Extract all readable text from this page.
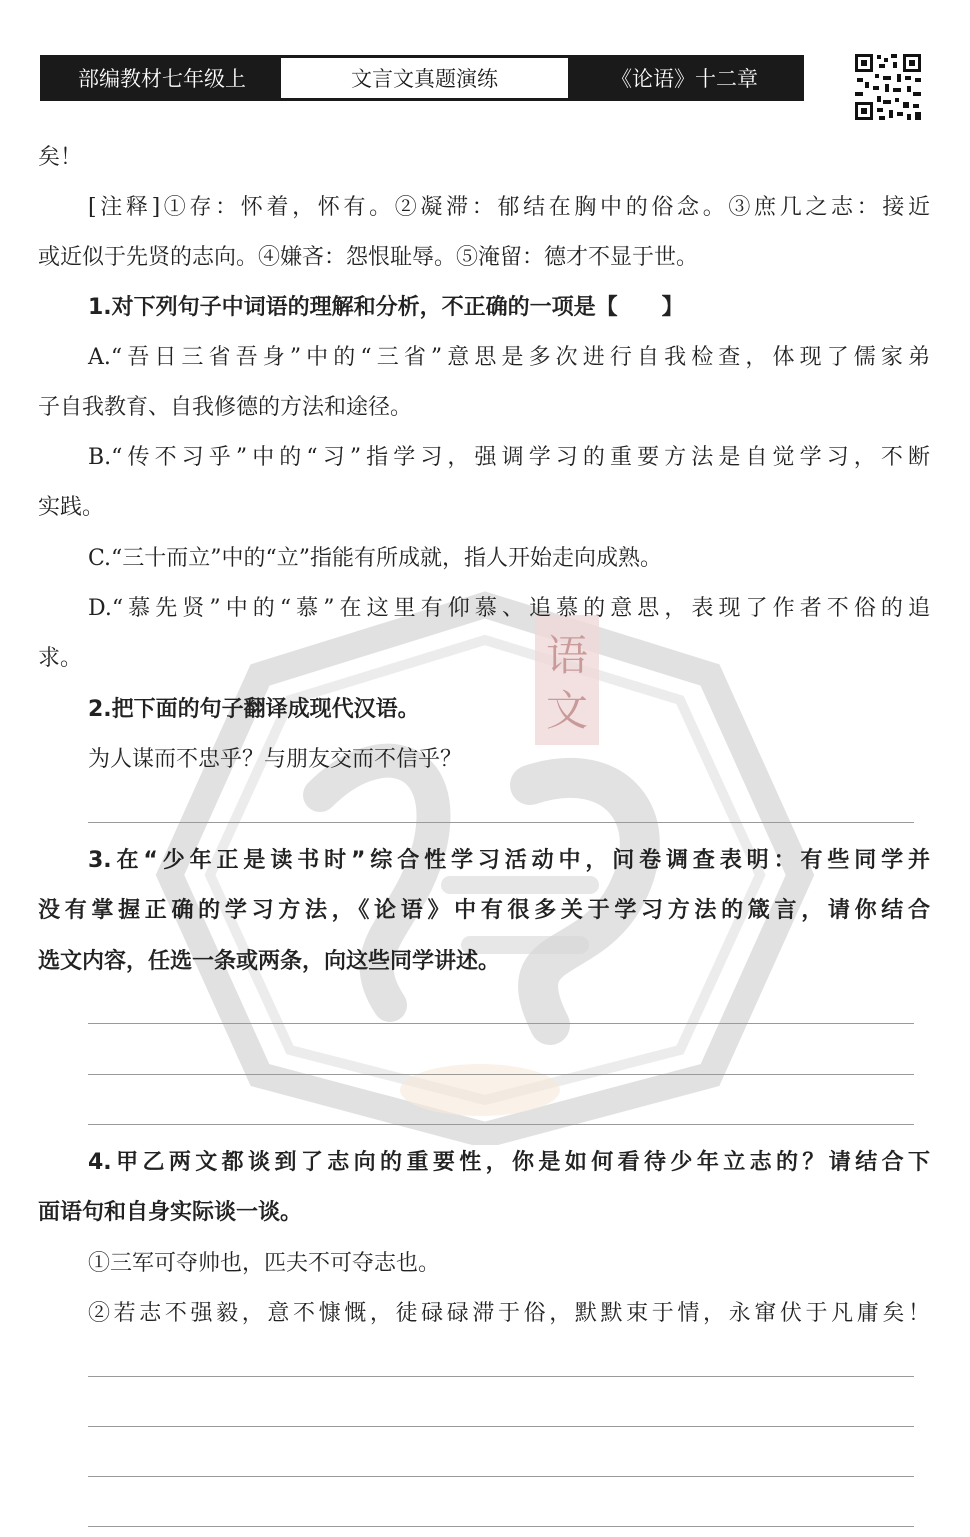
部编教材七年级上	文言文真题演练	《论语》十二章
语
文
矣！
[注释]①存：怀着，怀有。②凝滞：郁结在胸中的俗念。③庶几之志：接近
或近似于先贤的志向。④嫌吝：怨恨耻辱。⑤淹留：德才不显于世。
1.对下列句子中词语的理解和分析，不正确的一项是【　　】
A.“吾日三省吾身”中的“三省”意思是多次进行自我检查，体现了儒家弟
子自我教育、自我修德的方法和途径。
B.“传不习乎”中的“习”指学习，强调学习的重要方法是自觉学习，不断
实践。
C.“三十而立”中的“立”指能有所成就，指人开始走向成熟。
D.“慕先贤”中的“慕”在这里有仰慕、追慕的意思，表现了作者不俗的追
求。
2.把下面的句子翻译成现代汉语。
为人谋而不忠乎？与朋友交而不信乎？
3.在“少年正是读书时”综合性学习活动中，问卷调查表明：有些同学并
没有掌握正确的学习方法，《论语》中有很多关于学习方法的箴言，请你结合
选文内容，任选一条或两条，向这些同学讲述。
4.甲乙两文都谈到了志向的重要性，你是如何看待少年立志的？请结合下
面语句和自身实际谈一谈。
①三军可夺帅也，匹夫不可夺志也。
②若志不强毅，意不慷慨，徒碌碌滞于俗，默默束于情，永窜伏于凡庸矣！
